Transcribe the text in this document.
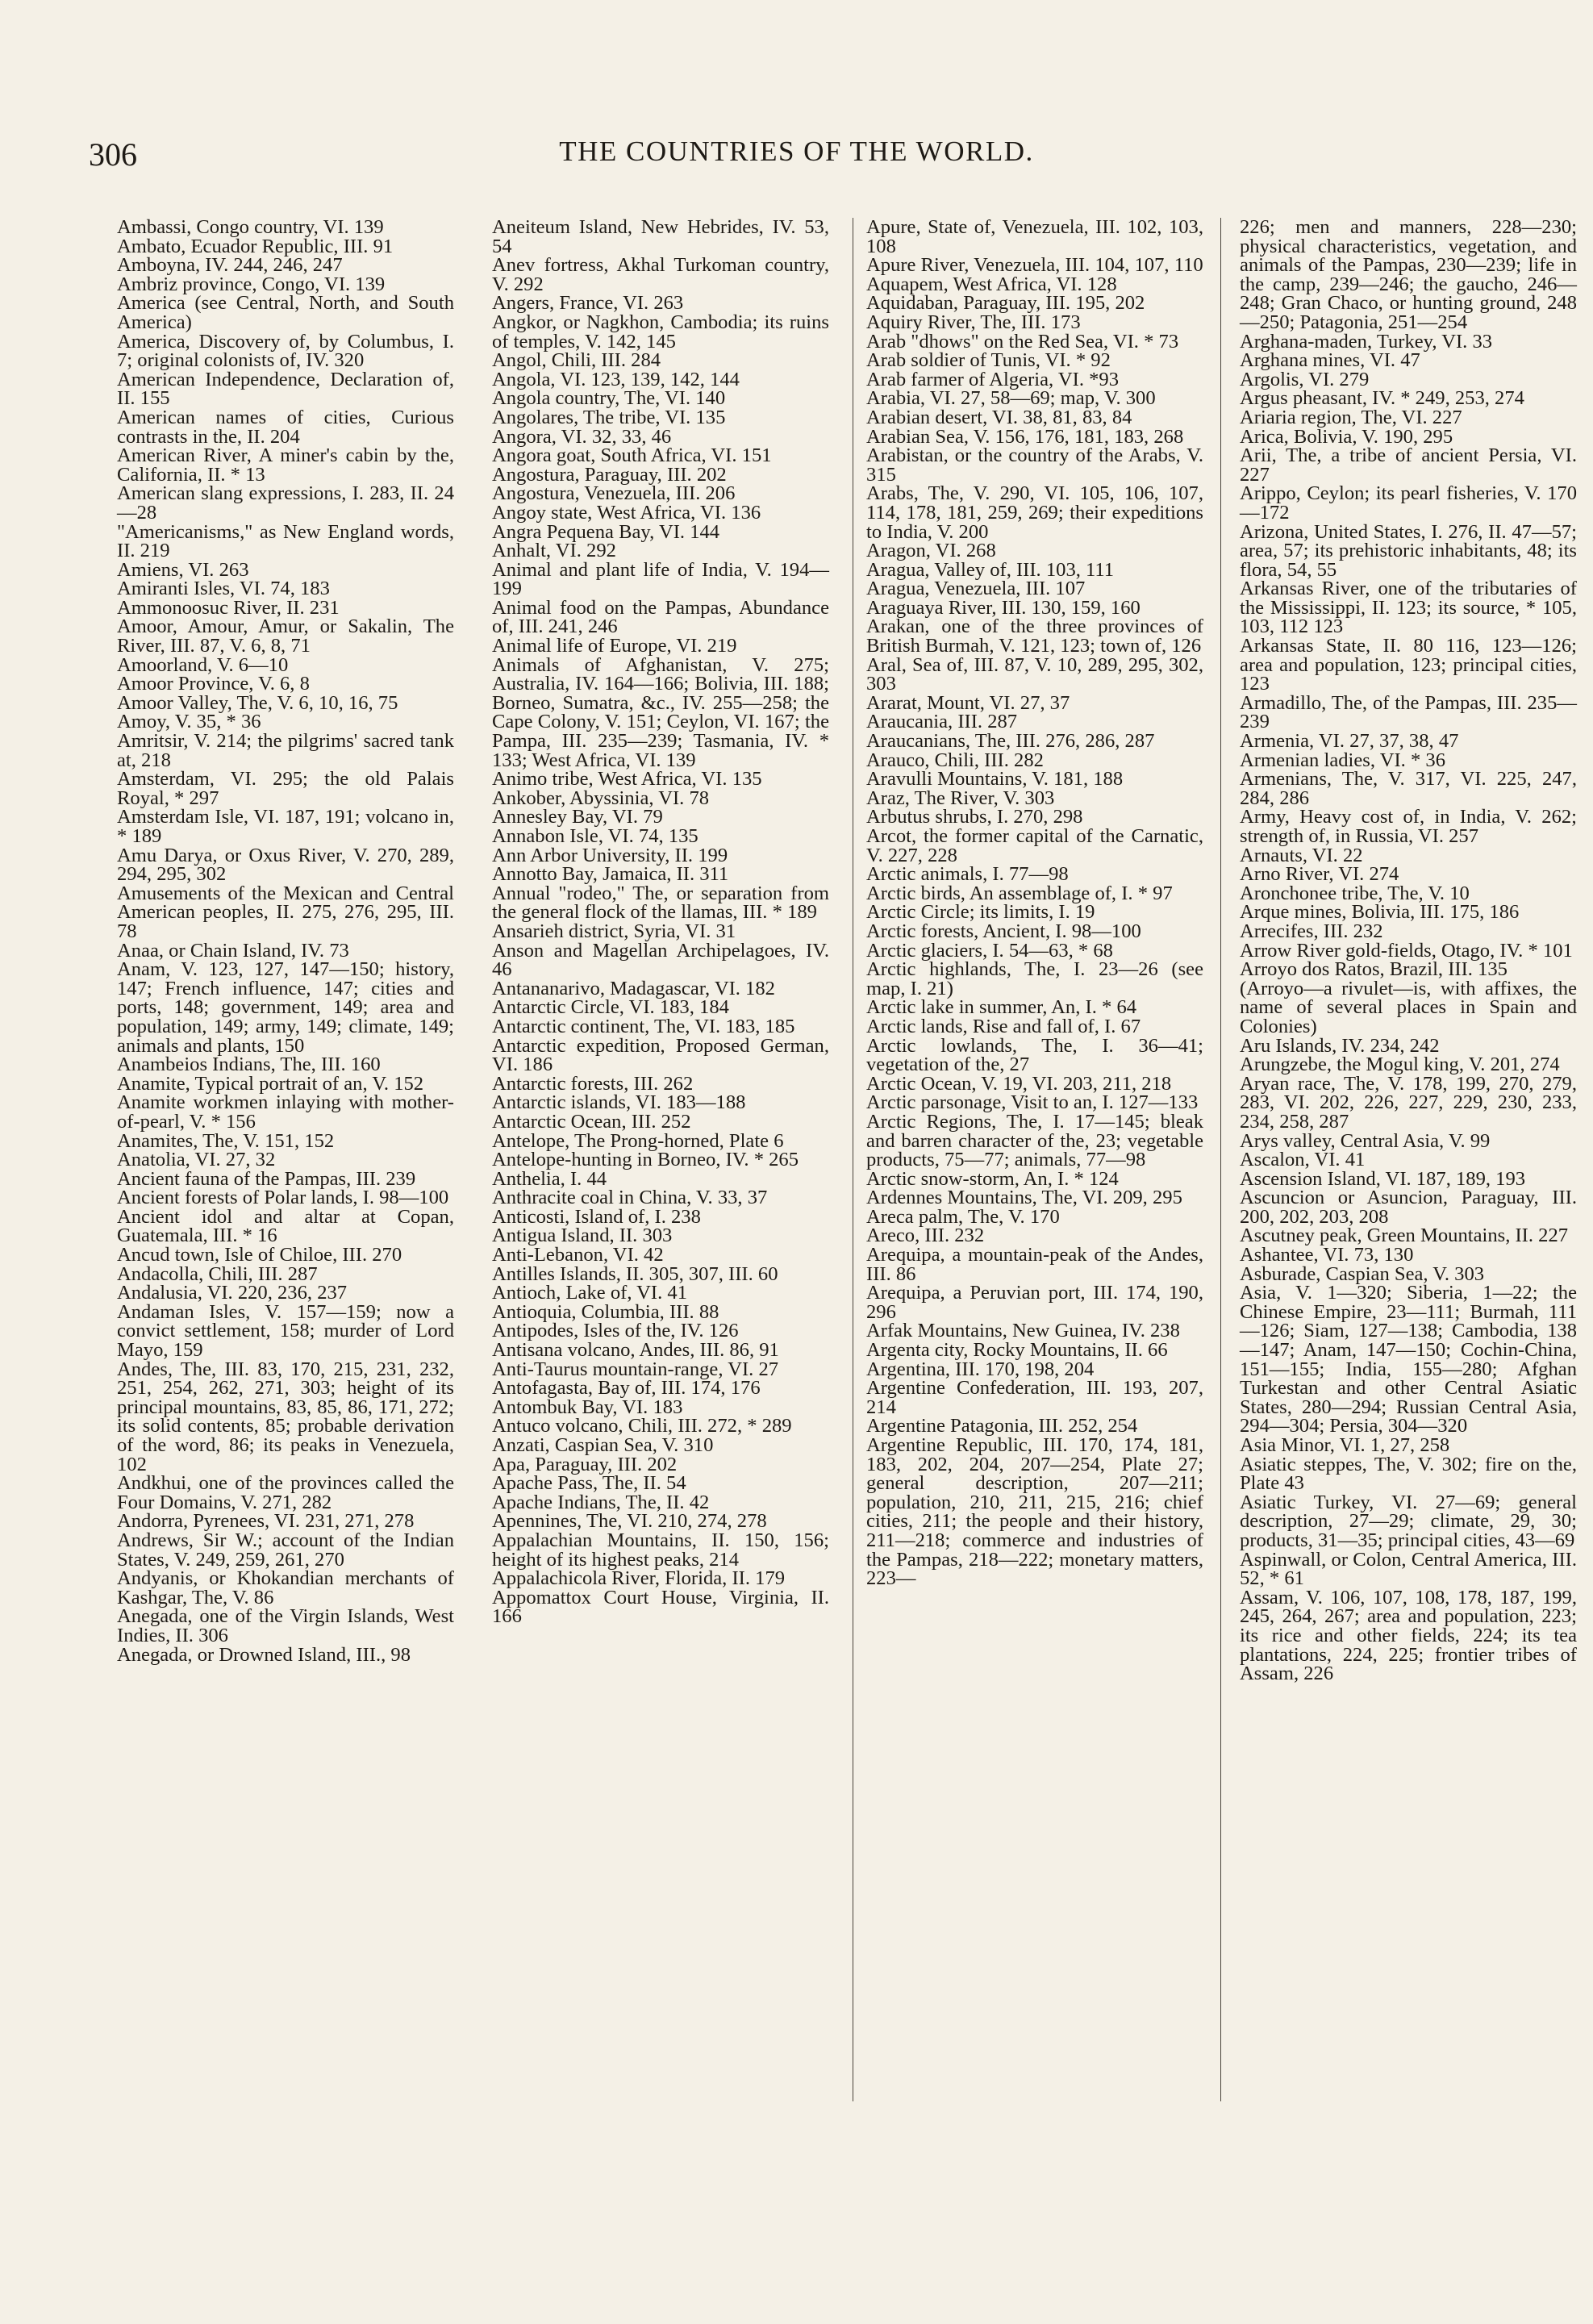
306	THE COUNTRIES OF THE WORLD.

Ambassi, Congo country, VI. 139

Ambato, Ecuador Republic, III. 91

Amboyna, IV. 244, 246, 247

Ambriz province, Congo, VI. 139

America (see Central, North, and South America)

America, Discovery of, by Columbus, I. 7; original colonists of, IV. 320

American Independence, Declaration of, II. 155

American names of cities, Curious contrasts in the, II. 204

American River, A miner's cabin by the, California, II. * 13

American slang expressions, I. 283, II. 24—28

"Americanisms," as New England words, II. 219

Amiens, VI. 263

Amiranti Isles, VI. 74, 183

Ammonoosuc River, II. 231

Amoor, Amour, Amur, or Sakalin, The River, III. 87, V. 6, 8, 71

Amoorland, V. 6—10

Amoor Province, V. 6, 8

Amoor Valley, The, V. 6, 10, 16, 75

Amoy, V. 35, * 36

Amritsir, V. 214; the pilgrims' sacred tank at, 218

Amsterdam, VI. 295; the old Palais Royal, * 297

Amsterdam Isle, VI. 187, 191; volcano in, * 189

Amu Darya, or Oxus River, V. 270, 289, 294, 295, 302

Amusements of the Mexican and Central American peoples, II. 275, 276, 295, III. 78

Anaa, or Chain Island, IV. 73

Anam, V. 123, 127, 147—150; history, 147; French influence, 147; cities and ports, 148; government, 149; area and population, 149; army, 149; climate, 149; animals and plants, 150

Anambeios Indians, The, III. 160

Anamite, Typical portrait of an, V. 152

Anamite workmen inlaying with mother-of-pearl, V. * 156

Anamites, The, V. 151, 152

Anatolia, VI. 27, 32

Ancient fauna of the Pampas, III. 239

Ancient forests of Polar lands, I. 98—100

Ancient idol and altar at Copan, Guatemala, III. * 16

Ancud town, Isle of Chiloe, III. 270

Andacolla, Chili, III. 287

Andalusia, VI. 220, 236, 237

Andaman Isles, V. 157—159; now a convict settlement, 158; murder of Lord Mayo, 159

Andes, The, III. 83, 170, 215, 231, 232, 251, 254, 262, 271, 303; height of its principal mountains, 83, 85, 86, 171, 272; its solid contents, 85; probable derivation of the word, 86; its peaks in Venezuela, 102

Andkhui, one of the provinces called the Four Domains, V. 271, 282

Andorra, Pyrenees, VI. 231, 271, 278

Andrews, Sir W.; account of the Indian States, V. 249, 259, 261, 270

Andyanis, or Khokandian merchants of Kashgar, The, V. 86

Anegada, one of the Virgin Islands, West Indies, II. 306

Anegada, or Drowned Island, III., 98

Aneiteum Island, New Hebrides, IV. 53, 54

Anev fortress, Akhal Turkoman country, V. 292

Angers, France, VI. 263

Angkor, or Nagkhon, Cambodia; its ruins of temples, V. 142, 145

Angol, Chili, III. 284

Angola, VI. 123, 139, 142, 144

Angola country, The, VI. 140

Angolares, The tribe, VI. 135

Angora, VI. 32, 33, 46

Angora goat, South Africa, VI. 151

Angostura, Paraguay, III. 202

Angostura, Venezuela, III. 206

Angoy state, West Africa, VI. 136

Angra Pequena Bay, VI. 144

Anhalt, VI. 292

Animal and plant life of India, V. 194—199

Animal food on the Pampas, Abundance of, III. 241, 246

Animal life of Europe, VI. 219

Animals of Afghanistan, V. 275; Australia, IV. 164—166; Bolivia, III. 188; Borneo, Sumatra, &c., IV. 255—258; the Cape Colony, V. 151; Ceylon, VI. 167; the Pampa, III. 235—239; Tasmania, IV. * 133; West Africa, VI. 139

Animo tribe, West Africa, VI. 135

Ankober, Abyssinia, VI. 78

Annesley Bay, VI. 79

Annabon Isle, VI. 74, 135

Ann Arbor University, II. 199

Annotto Bay, Jamaica, II. 311

Annual "rodeo," The, or separation from the general flock of the llamas, III. * 189

Ansarieh district, Syria, VI. 31

Anson and Magellan Archipelagoes, IV. 46

Antananarivo, Madagascar, VI. 182

Antarctic Circle, VI. 183, 184

Antarctic continent, The, VI. 183, 185

Antarctic expedition, Proposed German, VI. 186

Antarctic forests, III. 262

Antarctic islands, VI. 183—188

Antarctic Ocean, III. 252

Antelope, The Prong-horned, Plate 6

Antelope-hunting in Borneo, IV. * 265

Anthelia, I. 44

Anthracite coal in China, V. 33, 37

Anticosti, Island of, I. 238

Antigua Island, II. 303

Anti-Lebanon, VI. 42

Antilles Islands, II. 305, 307, III. 60

Antioch, Lake of, VI. 41

Antioquia, Columbia, III. 88

Antipodes, Isles of the, IV. 126

Antisana volcano, Andes, III. 86, 91

Anti-Taurus mountain-range, VI. 27

Antofagasta, Bay of, III. 174, 176

Antombuk Bay, VI. 183

Antuco volcano, Chili, III. 272, * 289

Anzati, Caspian Sea, V. 310

Apa, Paraguay, III. 202

Apache Pass, The, II. 54

Apache Indians, The, II. 42

Apennines, The, VI. 210, 274, 278

Appalachian Mountains, II. 150, 156; height of its highest peaks, 214

Appalachicola River, Florida, II. 179

Appomattox Court House, Virginia, II. 166

Apure, State of, Venezuela, III. 102, 103, 108

Apure River, Venezuela, III. 104, 107, 110

Aquapem, West Africa, VI. 128

Aquidaban, Paraguay, III. 195, 202

Aquiry River, The, III. 173

Arab "dhows" on the Red Sea, VI. * 73

Arab soldier of Tunis, VI. * 92

Arab farmer of Algeria, VI. *93

Arabia, VI. 27, 58—69; map, V. 300

Arabian desert, VI. 38, 81, 83, 84

Arabian Sea, V. 156, 176, 181, 183, 268

Arabistan, or the country of the Arabs, V. 315

Arabs, The, V. 290, VI. 105, 106, 107, 114, 178, 181, 259, 269; their expeditions to India, V. 200

Aragon, VI. 268

Aragua, Valley of, III. 103, 111

Aragua, Venezuela, III. 107

Araguaya River, III. 130, 159, 160

Arakan, one of the three provinces of British Burmah, V. 121, 123; town of, 126

Aral, Sea of, III. 87, V. 10, 289, 295, 302, 303

Ararat, Mount, VI. 27, 37

Araucania, III. 287

Araucanians, The, III. 276, 286, 287

Arauco, Chili, III. 282

Aravulli Mountains, V. 181, 188

Araz, The River, V. 303

Arbutus shrubs, I. 270, 298

Arcot, the former capital of the Carnatic, V. 227, 228

Arctic animals, I. 77—98

Arctic birds, An assemblage of, I. * 97

Arctic Circle; its limits, I. 19

Arctic forests, Ancient, I. 98—100

Arctic glaciers, I. 54—63, * 68

Arctic highlands, The, I. 23—26 (see map, I. 21)

Arctic lake in summer, An, I. * 64

Arctic lands, Rise and fall of, I. 67

Arctic lowlands, The, I. 36—41; vegetation of the, 27

Arctic Ocean, V. 19, VI. 203, 211, 218

Arctic parsonage, Visit to an, I. 127—133

Arctic Regions, The, I. 17—145; bleak and barren character of the, 23; vegetable products, 75—77; animals, 77—98

Arctic snow-storm, An, I. * 124

Ardennes Mountains, The, VI. 209, 295

Areca palm, The, V. 170

Areco, III. 232

Arequipa, a mountain-peak of the Andes, III. 86

Arequipa, a Peruvian port, III. 174, 190, 296

Arfak Mountains, New Guinea, IV. 238

Argenta city, Rocky Mountains, II. 66

Argentina, III. 170, 198, 204

Argentine Confederation, III. 193, 207, 214

Argentine Patagonia, III. 252, 254

Argentine Republic, III. 170, 174, 181, 183, 202, 204, 207—254, Plate 27; general description, 207—211; population, 210, 211, 215, 216; chief cities, 211; the people and their history, 211—218; commerce and industries of the Pampas, 218—222; monetary matters, 223—

226; men and manners, 228—230; physical characteristics, vegetation, and animals of the Pampas, 230—239; life in the camp, 239—246; the gaucho, 246—248; Gran Chaco, or hunting ground, 248—250; Patagonia, 251—254

Arghana-maden, Turkey, VI. 33

Arghana mines, VI. 47

Argolis, VI. 279

Argus pheasant, IV. * 249, 253, 274

Ariaria region, The, VI. 227

Arica, Bolivia, V. 190, 295

Arii, The, a tribe of ancient Persia, VI. 227

Arippo, Ceylon; its pearl fisheries, V. 170—172

Arizona, United States, I. 276, II. 47—57; area, 57; its prehistoric inhabitants, 48; its flora, 54, 55

Arkansas River, one of the tributaries of the Mississippi, II. 123; its source, * 105, 103, 112 123

Arkansas State, II. 80 116, 123—126; area and population, 123; principal cities, 123

Armadillo, The, of the Pampas, III. 235—239

Armenia, VI. 27, 37, 38, 47

Armenian ladies, VI. * 36

Armenians, The, V. 317, VI. 225, 247, 284, 286

Army, Heavy cost of, in India, V. 262; strength of, in Russia, VI. 257

Arnauts, VI. 22

Arno River, VI. 274

Aronchonee tribe, The, V. 10

Arque mines, Bolivia, III. 175, 186

Arrecifes, III. 232

Arrow River gold-fields, Otago, IV. * 101

Arroyo dos Ratos, Brazil, III. 135

(Arroyo—a rivulet—is, with affixes, the name of several places in Spain and Colonies)

Aru Islands, IV. 234, 242

Arungzebe, the Mogul king, V. 201, 274

Aryan race, The, V. 178, 199, 270, 279, 283, VI. 202, 226, 227, 229, 230, 233, 234, 258, 287

Arys valley, Central Asia, V. 99

Ascalon, VI. 41

Ascension Island, VI. 187, 189, 193

Ascuncion or Asuncion, Paraguay, III. 200, 202, 203, 208

Ascutney peak, Green Mountains, II. 227

Ashantee, VI. 73, 130

Asburade, Caspian Sea, V. 303

Asia, V. 1—320; Siberia, 1—22; the Chinese Empire, 23—111; Burmah, 111—126; Siam, 127—138; Cambodia, 138—147; Anam, 147—150; Cochin-China, 151—155; India, 155—280; Afghan Turkestan and other Central Asiatic States, 280—294; Russian Central Asia, 294—304; Persia, 304—320

Asia Minor, VI. 1, 27, 258

Asiatic steppes, The, V. 302; fire on the, Plate 43

Asiatic Turkey, VI. 27—69; general description, 27—29; climate, 29, 30; products, 31—35; principal cities, 43—69

Aspinwall, or Colon, Central America, III. 52, * 61

Assam, V. 106, 107, 108, 178, 187, 199, 245, 264, 267; area and population, 223; its rice and other fields, 224; its tea plantations, 224, 225; frontier tribes of Assam, 226
